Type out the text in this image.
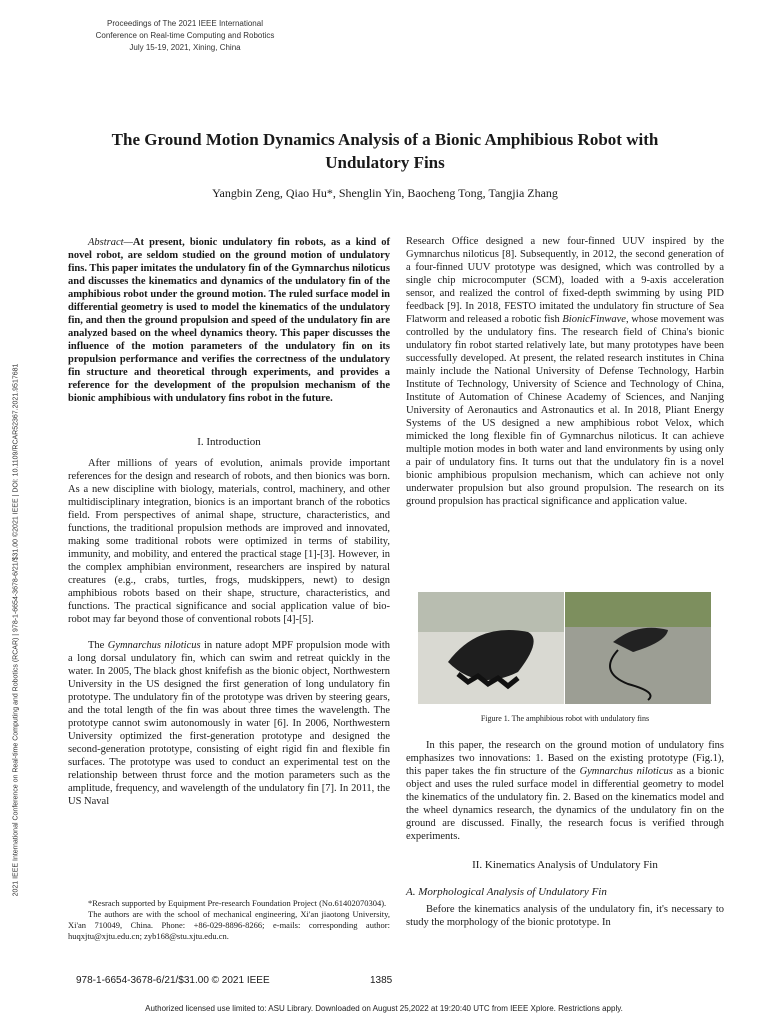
Proceedings of The 2021 IEEE International
Conference on Real-time Computing and Robotics
July 15-19, 2021, Xining, China
The Ground Motion Dynamics Analysis of a Bionic Amphibious Robot with Undulatory Fins
Yangbin Zeng, Qiao Hu*, Shenglin Yin, Baocheng Tong, Tangjia Zhang
2021 IEEE International Conference on Real-time Computing and Robotics (RCAR) | 978-1-6654-3678-6/21/$31.00 ©2021 IEEE | DOI: 10.1109/RCAR52367.2021.9517681

Abstract—At present, bionic undulatory fin robots, as a kind of novel robot, are seldom studied on the ground motion of undulatory fins. This paper imitates the undulatory fin of the Gymnarchus niloticus and discusses the kinematics and dynamics of the undulatory fin of the amphibious robot under the ground motion. The ruled surface model in differential geometry is used to model the kinematics of the undulatory fin, and then the ground propulsion and speed of the undulatory fin are analyzed based on the wheel dynamics theory. This paper discusses the influence of the motion parameters of the undulatory fin on its propulsion performance and verifies the correctness of the undulatory fin structure and theoretical through experiments, and provides a reference for the development of the propulsion mechanism of the bionic amphibious with undulatory fins robot in the future.

I. Introduction

After millions of years of evolution, animals provide important references for the design and research of robots, and then bionics was born. As a new discipline with biology, materials, control, machinery, and other multidisciplinary integration, bionics is an important branch of the robotics field. From perspectives of animal shape, structure, characteristics, and functions, the traditional propulsion methods are improved and innovated, making some traditional robots were optimized in terms of stability, immunity, and mobility, and entered the practical stage [1]-[3]. However, in the complex amphibian environment, researchers are inspired by natural creatures (e.g., crabs, turtles, frogs, mudskippers, newt) to design amphibious robots based on their shape, structure, characteristics, and functions. The practical significance and social application value of bio-robot may far beyond those of conventional robots [4]-[5].

The Gymnarchus niloticus in nature adopt MPF propulsion mode with a long dorsal undulatory fin, which can swim and retreat quickly in the water. In 2005, The black ghost knifefish as the bionic object, Northwestern University in the US designed the first generation of long undulatory fin prototype. The undulatory fin of the prototype was driven by steering gears, and the total length of the fin was about three times the wavelength. The prototype cannot swim autonomously in water [6]. In 2006, Northwestern University optimized the first-generation prototype and designed the second-generation prototype, consisting of eight rigid fin and flexible fin surfaces. The prototype was used to conduct an experimental test on the relationship between thrust force and the motion parameters such as the amplitude, frequency, and wavelength of the undulatory fin [7]. In 2011, the US Naval

*Resrach supported by Equipment Pre-research Foundation Project (No.61402070304).

The authors are with the school of mechanical engineering, Xi'an jiaotong University, Xi'an 710049, China. Phone: +86-029-8896-8266; e-mails: corresponding author: huqxjtu@xjtu.edu.cn; zyb168@stu.xjtu.edu.cn.

Research Office designed a new four-finned UUV inspired by the Gymnarchus niloticus [8]. Subsequently, in 2012, the second generation of a four-finned UUV prototype was designed, which was controlled by a single chip microcomputer (SCM), loaded with a 9-axis acceleration sensor, and realized the control of fixed-depth swimming by using PID feedback [9]. In 2018, FESTO imitated the undulatory fin structure of Sea Flatworm and released a robotic fish BionicFinwave, whose movement was controlled by the undulatory fins. The research field of China's bionic undulatory fin robot started relatively late, but many prototypes have been successfully developed. At present, the related research institutes in China mainly include the National University of Defense Technology, Harbin Institute of Technology, University of Science and Technology of China, Institute of Automation of Chinese Academy of Sciences, and Nanjing University of Aeronautics and Astronautics et al. In 2018, Pliant Energy Systems of the US designed a new amphibious robot Velox, which mimicked the long flexible fin of Gymnarchus niloticus. It can achieve multiple motion modes in both water and land environments by using only a pair of undulatory fins. It turns out that the undulatory fin is a novel bionic amphibious propulsion mechanism, which can achieve not only underwater propulsion but also ground propulsion. The research on its ground propulsion has practical significance and application value.

Figure 1. The amphibious robot with undulatory fins

In this paper, the research on the ground motion of undulatory fins emphasizes two innovations: 1. Based on the existing prototype (Fig.1), this paper takes the fin structure of the Gymnarchus niloticus as a bionic object and uses the ruled surface model in differential geometry to model the kinematics of the undulatory fin. 2. Based on the kinematics model and the wheel dynamics research, the dynamics of the undulatory fin on the ground are discussed. Finally, the research focus is verified through experiments.

II. Kinematics Analysis of Undulatory Fin

A. Morphological Analysis of Undulatory Fin

Before the kinematics analysis of the undulatory fin, it's necessary to study the morphology of the bionic prototype. In

978-1-6654-3678-6/21/$31.00 © 2021 IEEE	1385
Authorized licensed use limited to: ASU Library. Downloaded on August 25,2022 at 19:20:40 UTC from IEEE Xplore. Restrictions apply.
